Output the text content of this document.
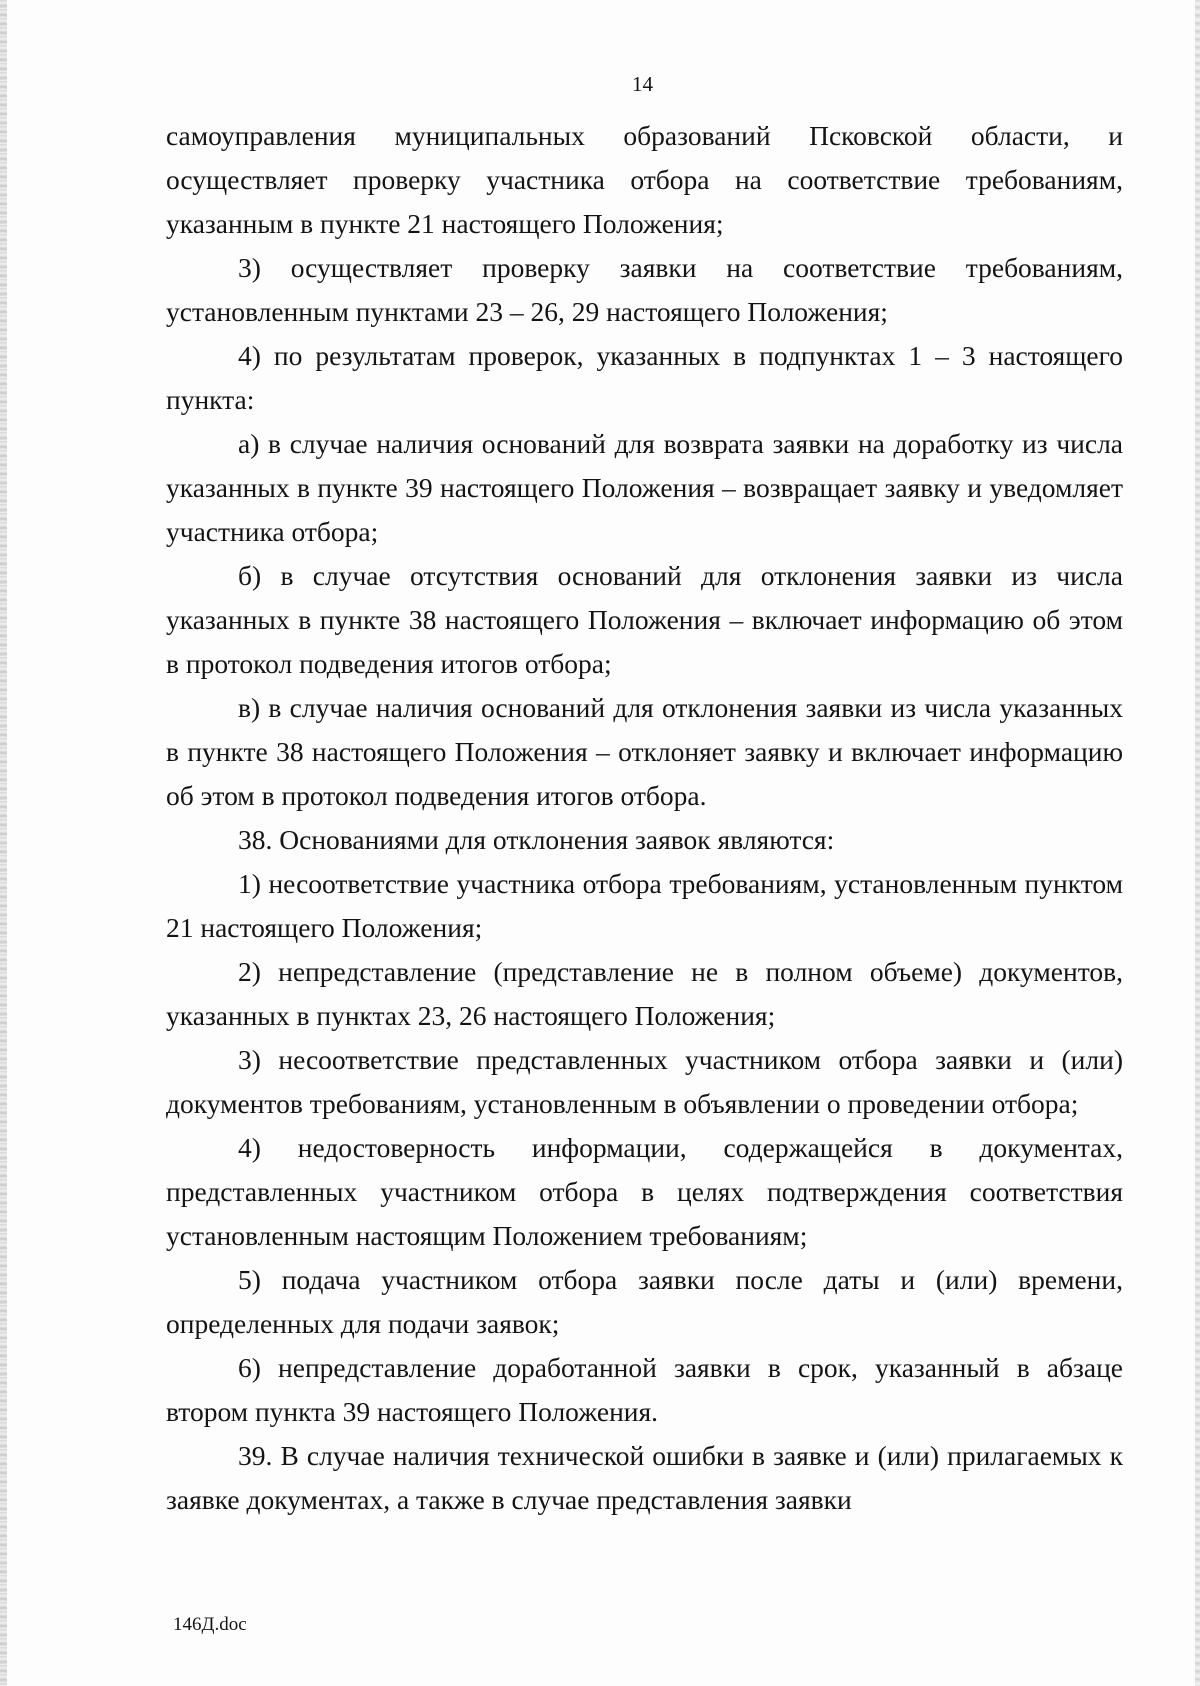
14

самоуправления муниципальных образований Псковской области, и осуществляет проверку участника отбора на соответствие требованиям, указанным в пункте 21 настоящего Положения;

3) осуществляет проверку заявки на соответствие требованиям, установленным пунктами 23 – 26, 29 настоящего Положения;

4) по результатам проверок, указанных в подпунктах 1 – 3 настоящего пункта:

а) в случае наличия оснований для возврата заявки на доработку из числа указанных в пункте 39 настоящего Положения – возвращает заявку и уведомляет участника отбора;

б) в случае отсутствия оснований для отклонения заявки из числа указанных в пункте 38 настоящего Положения – включает информацию об этом в протокол подведения итогов отбора;

в) в случае наличия оснований для отклонения заявки из числа указанных в пункте 38 настоящего Положения – отклоняет заявку и включает информацию об этом в протокол подведения итогов отбора.

38. Основаниями для отклонения заявок являются:

1) несоответствие участника отбора требованиям, установленным пунктом 21 настоящего Положения;

2) непредставление (представление не в полном объеме) документов, указанных в пунктах 23, 26 настоящего Положения;

3) несоответствие представленных участником отбора заявки и (или) документов требованиям, установленным в объявлении о проведении отбора;

4) недостоверность информации, содержащейся в документах, представленных участником отбора в целях подтверждения соответствия установленным настоящим Положением требованиям;

5) подача участником отбора заявки после даты и (или) времени, определенных для подачи заявок;

6) непредставление доработанной заявки в срок, указанный в абзаце втором пункта 39 настоящего Положения.

39. В случае наличия технической ошибки в заявке и (или) прилагаемых к заявке документах, а также в случае представления заявки

146Д.doc
